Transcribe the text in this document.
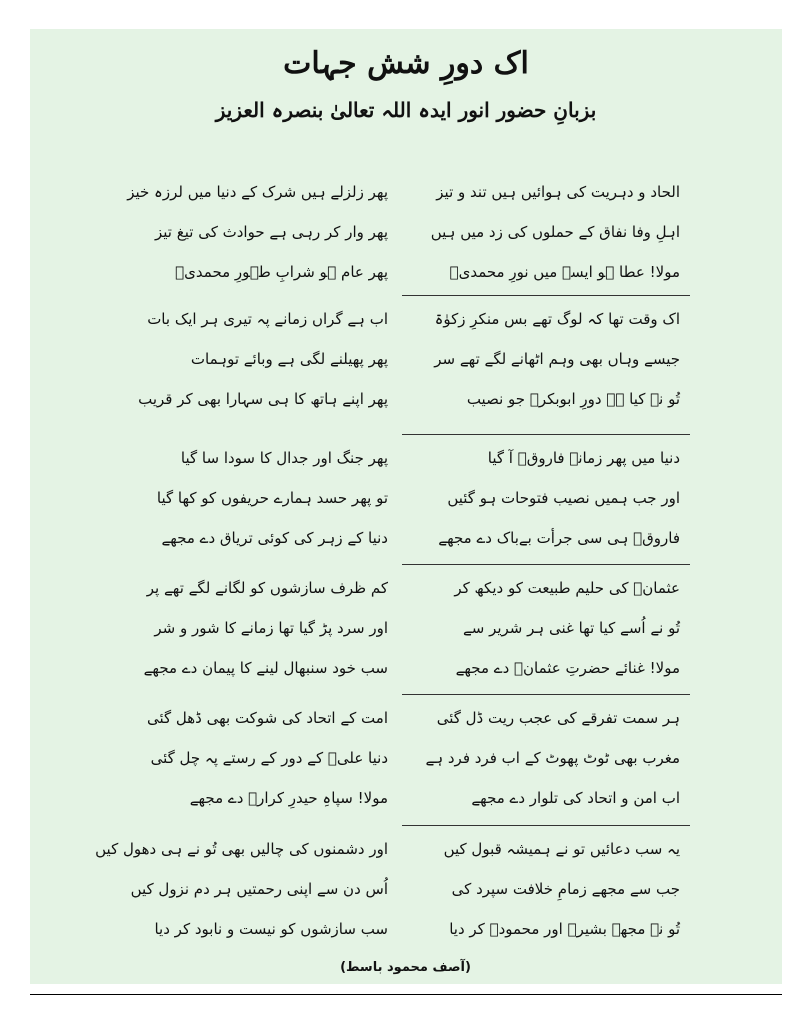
اک دورِ شش جہات
بزبانِ حضور انور ایدہ اللہ تعالیٰ بنصرہ العزیز
الحاد و دہریت کی ہوائیں ہیں تند و تیز
پھر زلزلے ہیں شرک کے دنیا میں لرزہ خیز
اہلِ وفا نفاق کے حملوں کی زد میں ہیں
پھر وار کر رہی ہے حوادث کی تیغ تیز
مولا! عطا ہو ایسے میں نورِ محمدیؐ
پھر عام ہو شرابِ طہورِ محمدیؐ
اک وقت تھا کہ لوگ تھے بس منکرِ زکوٰۃ
اب ہے گراں زمانے پہ تیری ہر ایک بات
جیسے وہاں بھی وہم اٹھانے لگے تھے سر
پھر پھیلنے لگی ہے وبائے توہمات
تُو نے کیا ہے دورِ ابوبکرؓ جو نصیب
پھر اپنے ہاتھ کا ہی سہارا بھی کر قریب
دنیا میں پھر زمانۂ فاروقؓ آ گیا
پھر جنگ اور جدال کا سودا سا گیا
اور جب ہمیں نصیب فتوحات ہو گئیں
تو پھر حسد ہمارے حریفوں کو کھا گیا
فاروقؓ ہی سی جرأت بےباک دے مجھے
دنیا کے زہر کی کوئی تریاق دے مجھے
عثمانؓ کی حلیم طبیعت کو دیکھ کر
کم ظرف سازشوں کو لگانے لگے تھے پر
تُو نے اُسے کیا تھا غنی ہر شریر سے
اور سرد پڑ گیا تھا زمانے کا شور و شر
مولا! غنائے حضرتِ عثمانؓ دے مجھے
سب خود سنبھال لینے کا پیمان دے مجھے
ہر سمت تفرقے کی عجب ریت ڈل گئی
امت کے اتحاد کی شوکت بھی ڈھل گئی
مغرب بھی ٹوٹ پھوٹ کے اب فرد فرد ہے
دنیا علیؓ کے دور کے رستے پہ چل گئی
اب امن و اتحاد کی تلوار دے مجھے
مولا! سپاہِ حیدرِ کرارؓ دے مجھے
یہ سب دعائیں تو نے ہمیشہ قبول کیں
اور دشمنوں کی چالیں بھی تُو نے ہی دھول کیں
جب سے مجھے زمامِ خلافت سپرد کی
اُس دن سے اپنی رحمتیں ہر دم نزول کیں
تُو نے مجھے بشیرؓ اور محمودؓ کر دیا
سب سازشوں کو نیست و نابود کر دیا
(آصف محمود باسط)
